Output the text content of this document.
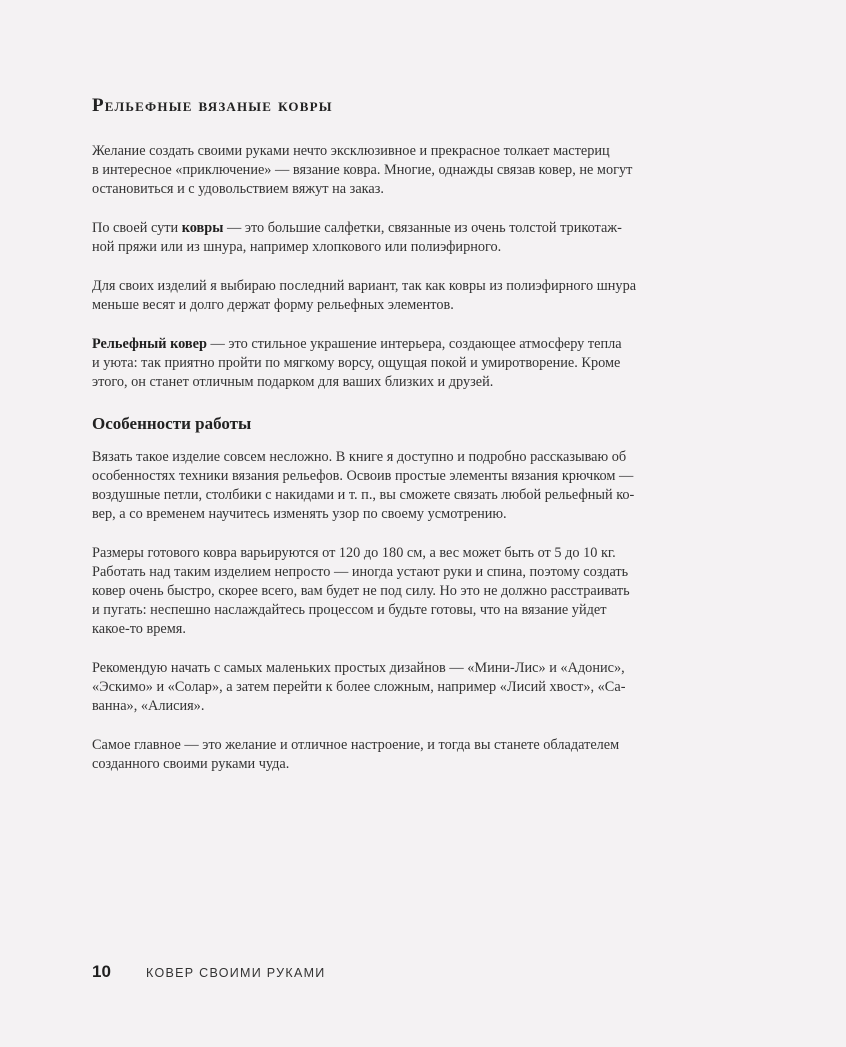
Рельефные вязаные ковры

Желание создать своими руками нечто эксклюзивное и прекрасное толкает мастериц
в интересное «приключение» — вязание ковра. Многие, однажды связав ковер, не могут
остановиться и с удовольствием вяжут на заказ.

По своей сути ковры — это большие салфетки, связанные из очень толстой трикотаж-
ной пряжи или из шнура, например хлопкового или полиэфирного.

Для своих изделий я выбираю последний вариант, так как ковры из полиэфирного шнура
меньше весят и долго держат форму рельефных элементов.

Рельефный ковер — это стильное украшение интерьера, создающее атмосферу тепла
и уюта: так приятно пройти по мягкому ворсу, ощущая покой и умиротворение. Кроме
этого, он станет отличным подарком для ваших близких и друзей.

Особенности работы

Вязать такое изделие совсем несложно. В книге я доступно и подробно рассказываю об
особенностях техники вязания рельефов. Освоив простые элементы вязания крючком —
воздушные петли, столбики с накидами и т. п., вы сможете связать любой рельефный ко-
вер, а со временем научитесь изменять узор по своему усмотрению.

Размеры готового ковра варьируются от 120 до 180 см, а вес может быть от 5 до 10 кг.
Работать над таким изделием непросто — иногда устают руки и спина, поэтому создать
ковер очень быстро, скорее всего, вам будет не под силу. Но это не должно расстраивать
и пугать: неспешно наслаждайтесь процессом и будьте готовы, что на вязание уйдет
какое-то время.

Рекомендую начать с самых маленьких простых дизайнов — «Мини-Лис» и «Адонис»,
«Эскимо» и «Солар», а затем перейти к более сложным, например «Лисий хвост», «Са-
ванна», «Алисия».

Самое главное — это желание и отличное настроение, и тогда вы станете обладателем
созданного своими руками чуда.

10	КОВЕР СВОИМИ РУКАМИ
